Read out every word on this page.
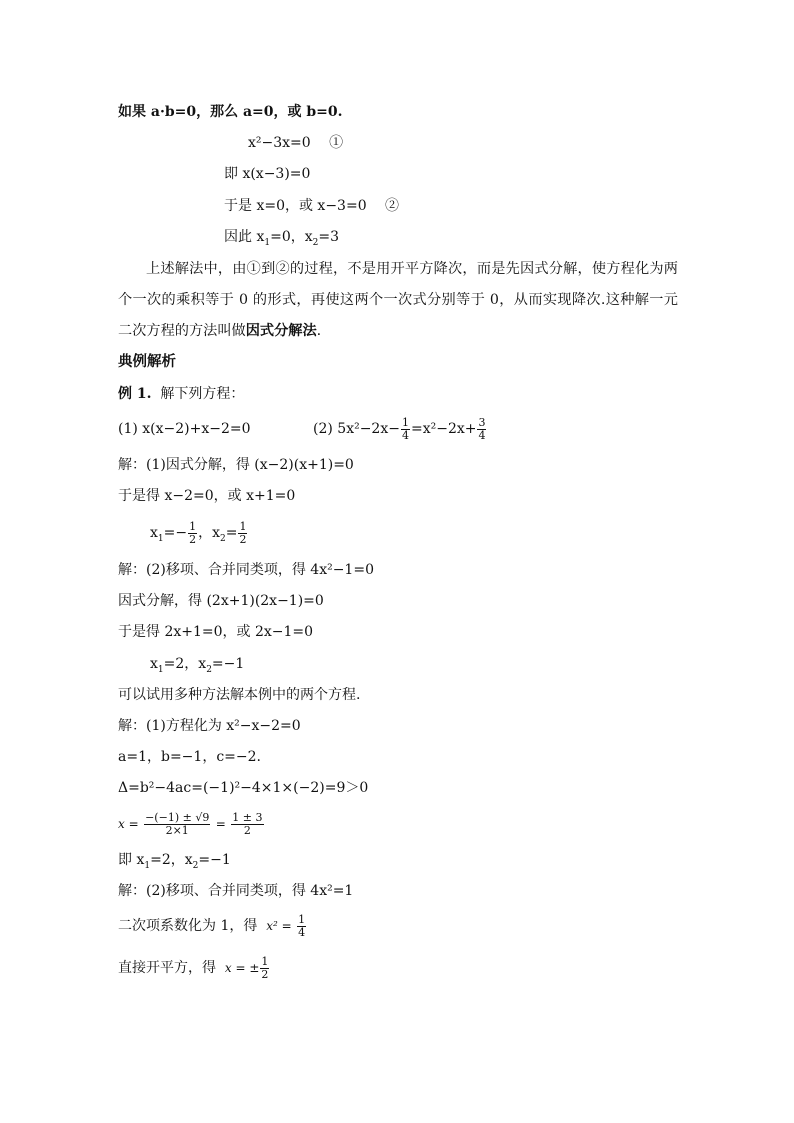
如果 a·b=0，那么 a=0，或 b=0.
x²−3x=0　 ①
即 x(x−3)=0
于是 x=0，或 x−3=0　 ②
因此 $x_1=0$，$x_2=3$
上述解法中，由①到②的过程，不是用开平方降次，而是先因式分解，使方程化为两个一次的乘积等于 0 的形式，再使这两个一次式分别等于 0，从而实现降次.这种解一元二次方程的方法叫做因式分解法.
典例解析
例 1. 解下列方程：
(1) x(x−2)+x−2=0	(2) $5x^2-2x- \frac{1}{4} =x^2-2x+ \frac{3}{4}$
解：(1)因式分解，得 (x−2)(x+1)=0
于是得 x−2=0，或 x+1=0
$x_1=- \frac{1}{2}$ ，$x_2= \frac{1}{2}$
解：(2)移项、合并同类项，得 4x²−1=0
因式分解，得 (2x+1)(2x−1)=0
于是得 2x+1=0，或 2x−1=0
$x_1=2$，$x_2=-1$
可以试用多种方法解本例中的两个方程.
解：(1)方程化为 x²−x−2=0
a=1，b=−1，c=−2.
Δ=b²−4ac=(−1)²−4×1×(−2)=9＞0
$x = \frac{-(-1) \pm √9}{2\times 1} = \frac{1 \pm 3}{2}$
即 $x_1=2$，$x_2=-1$
解：(2)移项、合并同类项，得 4x²=1
二次项系数化为 1，得 $x^2 = \frac{1}{4}$
直接开平方，得 x = ± $\frac{1}{2}$
